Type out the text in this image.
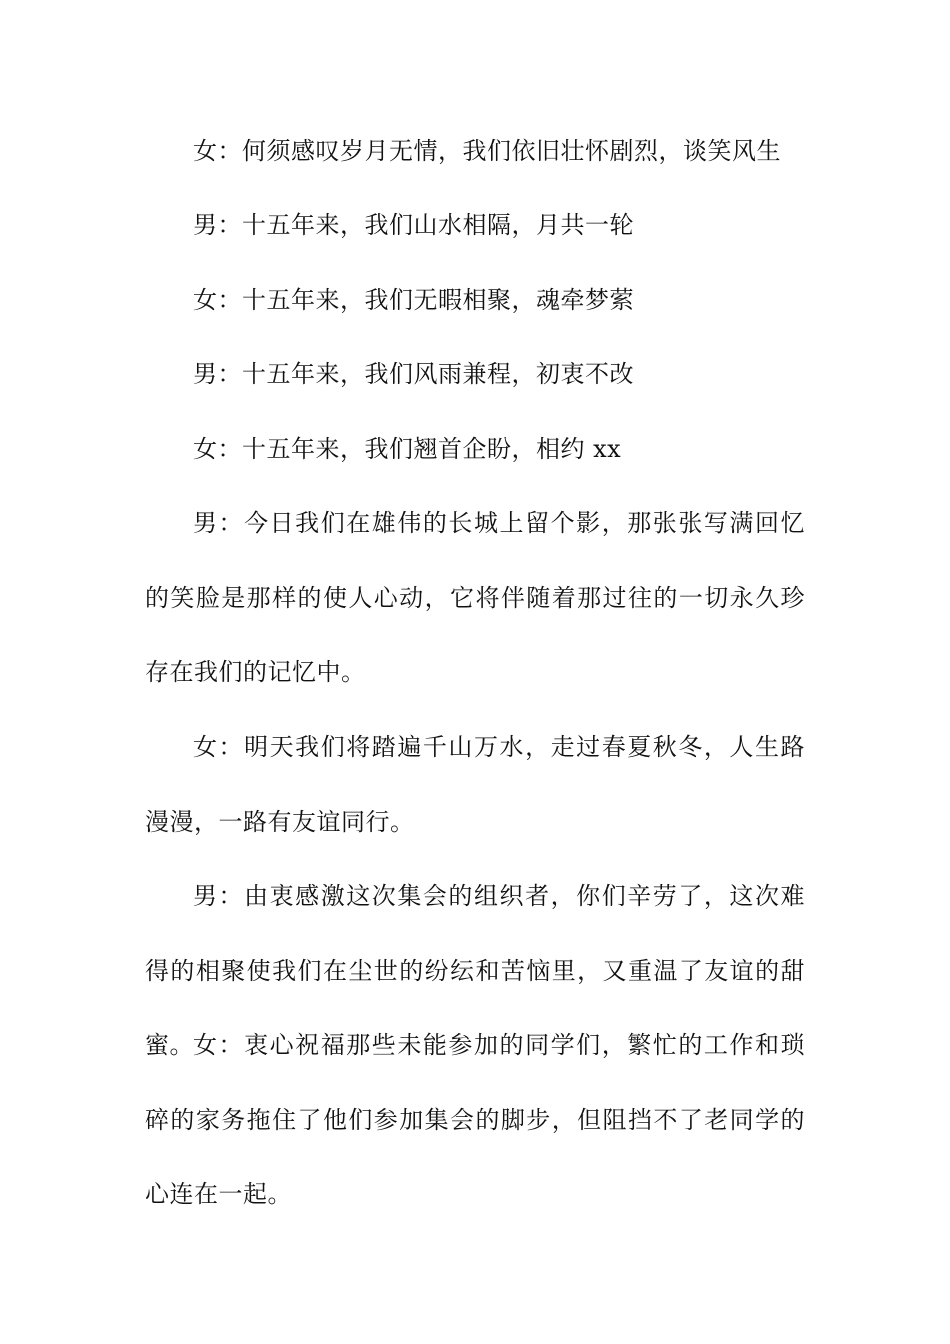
女：何须感叹岁月无情，我们依旧壮怀剧烈，谈笑风生

男：十五年来，我们山水相隔，月共一轮

女：十五年来，我们无暇相聚，魂牵梦萦

男：十五年来，我们风雨兼程，初衷不改

女：十五年来，我们翘首企盼，相约 xx

男：今日我们在雄伟的长城上留个影，那张张写满回忆的笑脸是那样的使人心动，它将伴随着那过往的一切永久珍存在我们的记忆中。

女：明天我们将踏遍千山万水，走过春夏秋冬，人生路漫漫，一路有友谊同行。

男：由衷感激这次集会的组织者，你们辛劳了，这次难得的相聚使我们在尘世的纷纭和苦恼里，又重温了友谊的甜蜜。 女：衷心祝福那些未能参加的同学们，繁忙的工作和琐碎的家务拖住了他们参加集会的脚步，但阻挡不了老同学的心连在一起。
